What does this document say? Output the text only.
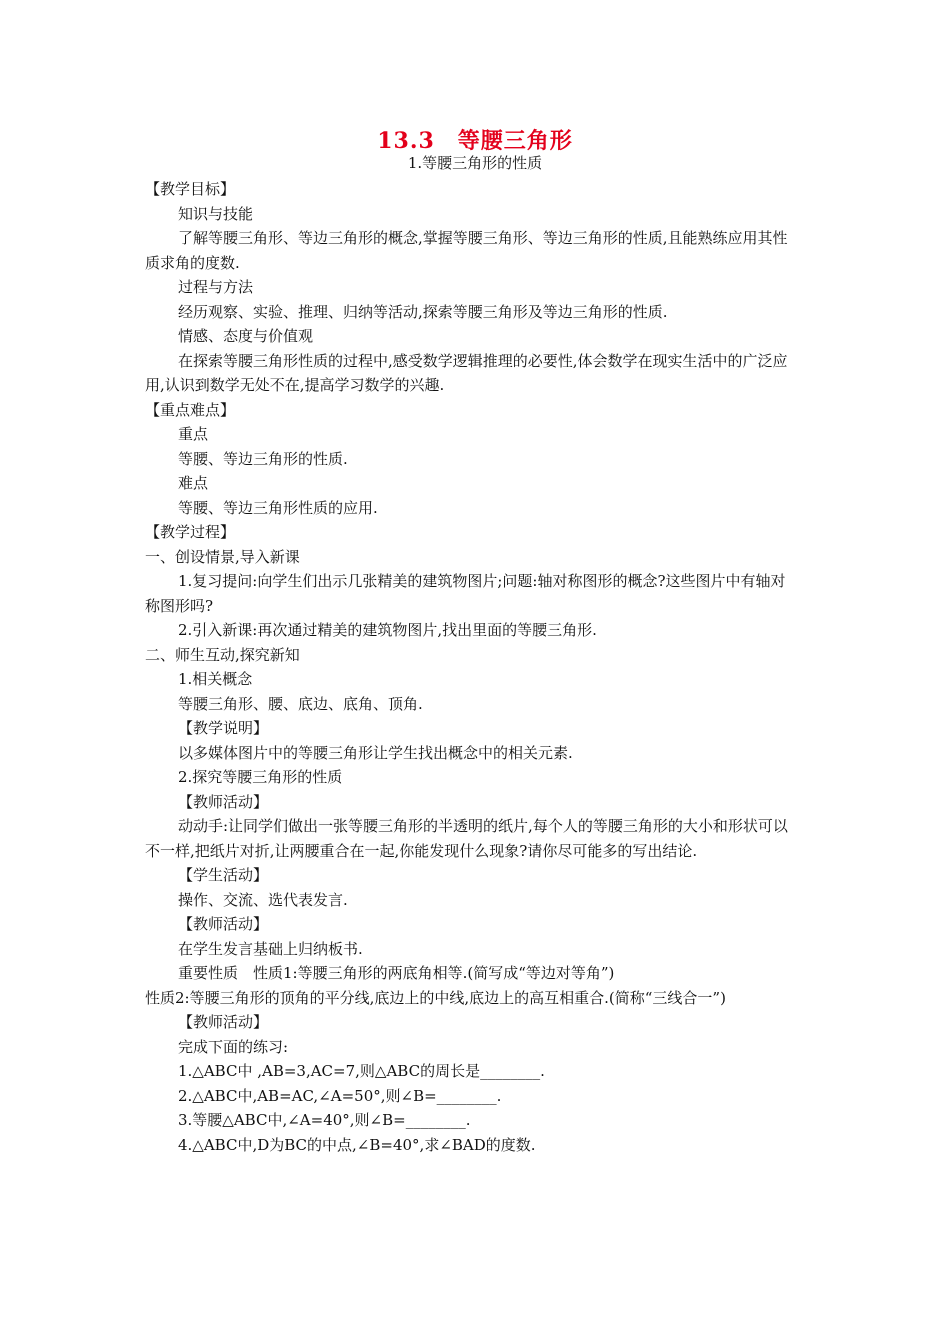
13.3　等腰三角形
1.等腰三角形的性质
【教学目标】
知识与技能
了解等腰三角形、等边三角形的概念,掌握等腰三角形、等边三角形的性质,且能熟练应用其性质求角的度数.
过程与方法
经历观察、实验、推理、归纳等活动,探索等腰三角形及等边三角形的性质.
情感、态度与价值观
在探索等腰三角形性质的过程中,感受数学逻辑推理的必要性,体会数学在现实生活中的广泛应用,认识到数学无处不在,提高学习数学的兴趣.
【重点难点】
重点
等腰、等边三角形的性质.
难点
等腰、等边三角形性质的应用.
【教学过程】
一、创设情景,导入新课
1.复习提问:向学生们出示几张精美的建筑物图片;问题:轴对称图形的概念?这些图片中有轴对称图形吗?
2.引入新课:再次通过精美的建筑物图片,找出里面的等腰三角形.
二、师生互动,探究新知
1.相关概念
等腰三角形、腰、底边、底角、顶角.
【教学说明】
以多媒体图片中的等腰三角形让学生找出概念中的相关元素.
2.探究等腰三角形的性质
【教师活动】
动动手:让同学们做出一张等腰三角形的半透明的纸片,每个人的等腰三角形的大小和形状可以不一样,把纸片对折,让两腰重合在一起,你能发现什么现象?请你尽可能多的写出结论.
【学生活动】
操作、交流、选代表发言.
【教师活动】
在学生发言基础上归纳板书.
重要性质　性质1:等腰三角形的两底角相等.(简写成“等边对等角”)
性质2:等腰三角形的顶角的平分线,底边上的中线,底边上的高互相重合.(简称“三线合一”)
【教师活动】
完成下面的练习:
1.△ABC中 ,AB=3,AC=7,则△ABC的周长是________.
2.△ABC中,AB=AC,∠A=50°,则∠B=________.
3.等腰△ABC中,∠A=40°,则∠B=________.
4.△ABC中,D为BC的中点,∠B=40°,求∠BAD的度数.
